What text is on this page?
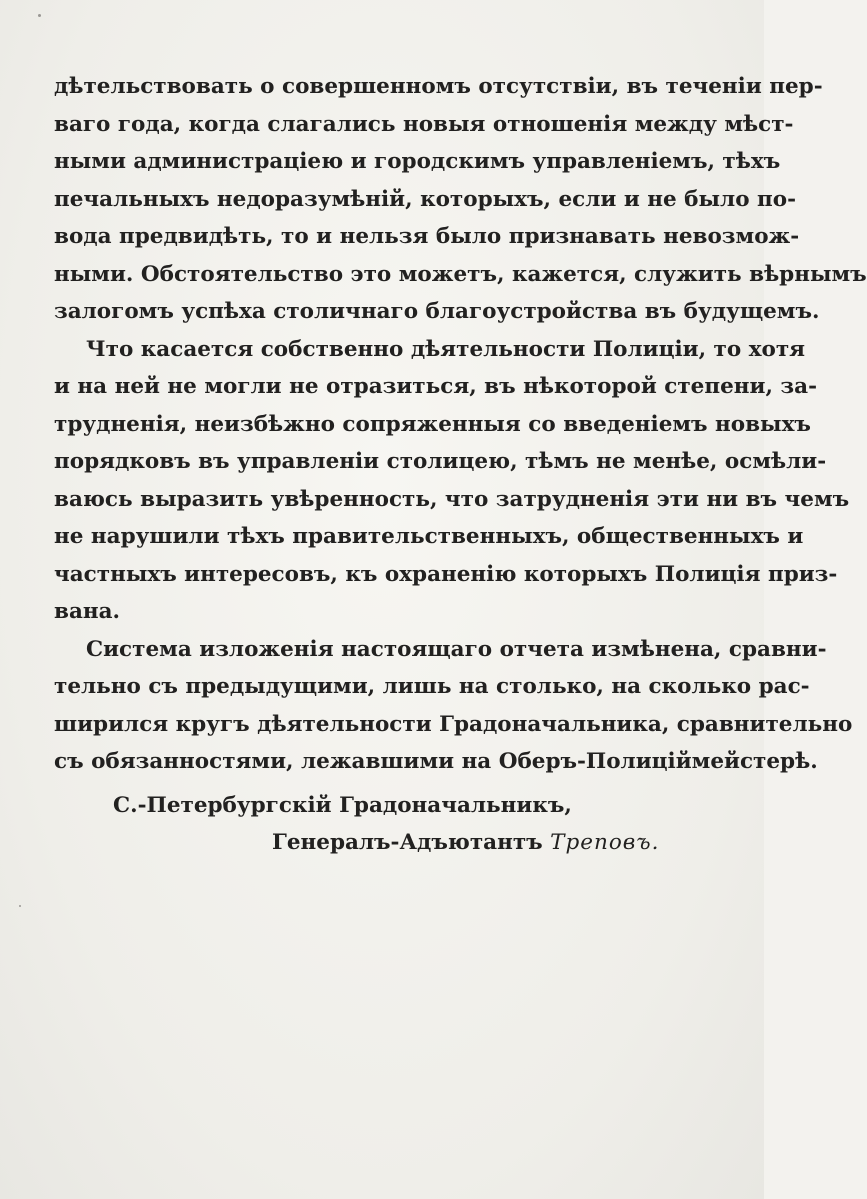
дѣтельствовать о совершенномъ отсутствіи, въ теченіи пер-
ваго года, когда слагались новыя отношенія между мѣст-
ными администраціею и городскимъ управленіемъ, тѣхъ
печальныхъ недоразумѣній, которыхъ, если и не было по-
вода предвидѣть, то и нельзя было признавать невозмож-
ными. Обстоятельство это можетъ, кажется, служить вѣрнымъ
залогомъ успѣха столичнаго благоустройства въ будущемъ.
Что касается собственно дѣятельности Полиціи, то хотя
и на ней не могли не отразиться, въ нѣкоторой степени, за-
трудненія, неизбѣжно сопряженныя со введеніемъ новыхъ
порядковъ въ управленіи столицею, тѣмъ не менѣе, осмѣли-
ваюсь выразить увѣренность, что затрудненія эти ни въ чемъ
не нарушили тѣхъ правительственныхъ, общественныхъ и
частныхъ интересовъ, къ охраненію которыхъ Полиція приз-
вана.
Система изложенія настоящаго отчета измѣнена, сравни-
тельно съ предыдущими, лишь на столько, на сколько рас-
ширился кругъ дѣятельности Градоначальника, сравнительно
съ обязанностями, лежавшими на Оберъ-Полиціймейстерѣ.
С.-Петербургскій Градоначальникъ,
Генералъ-Адъютантъ Треповъ.
